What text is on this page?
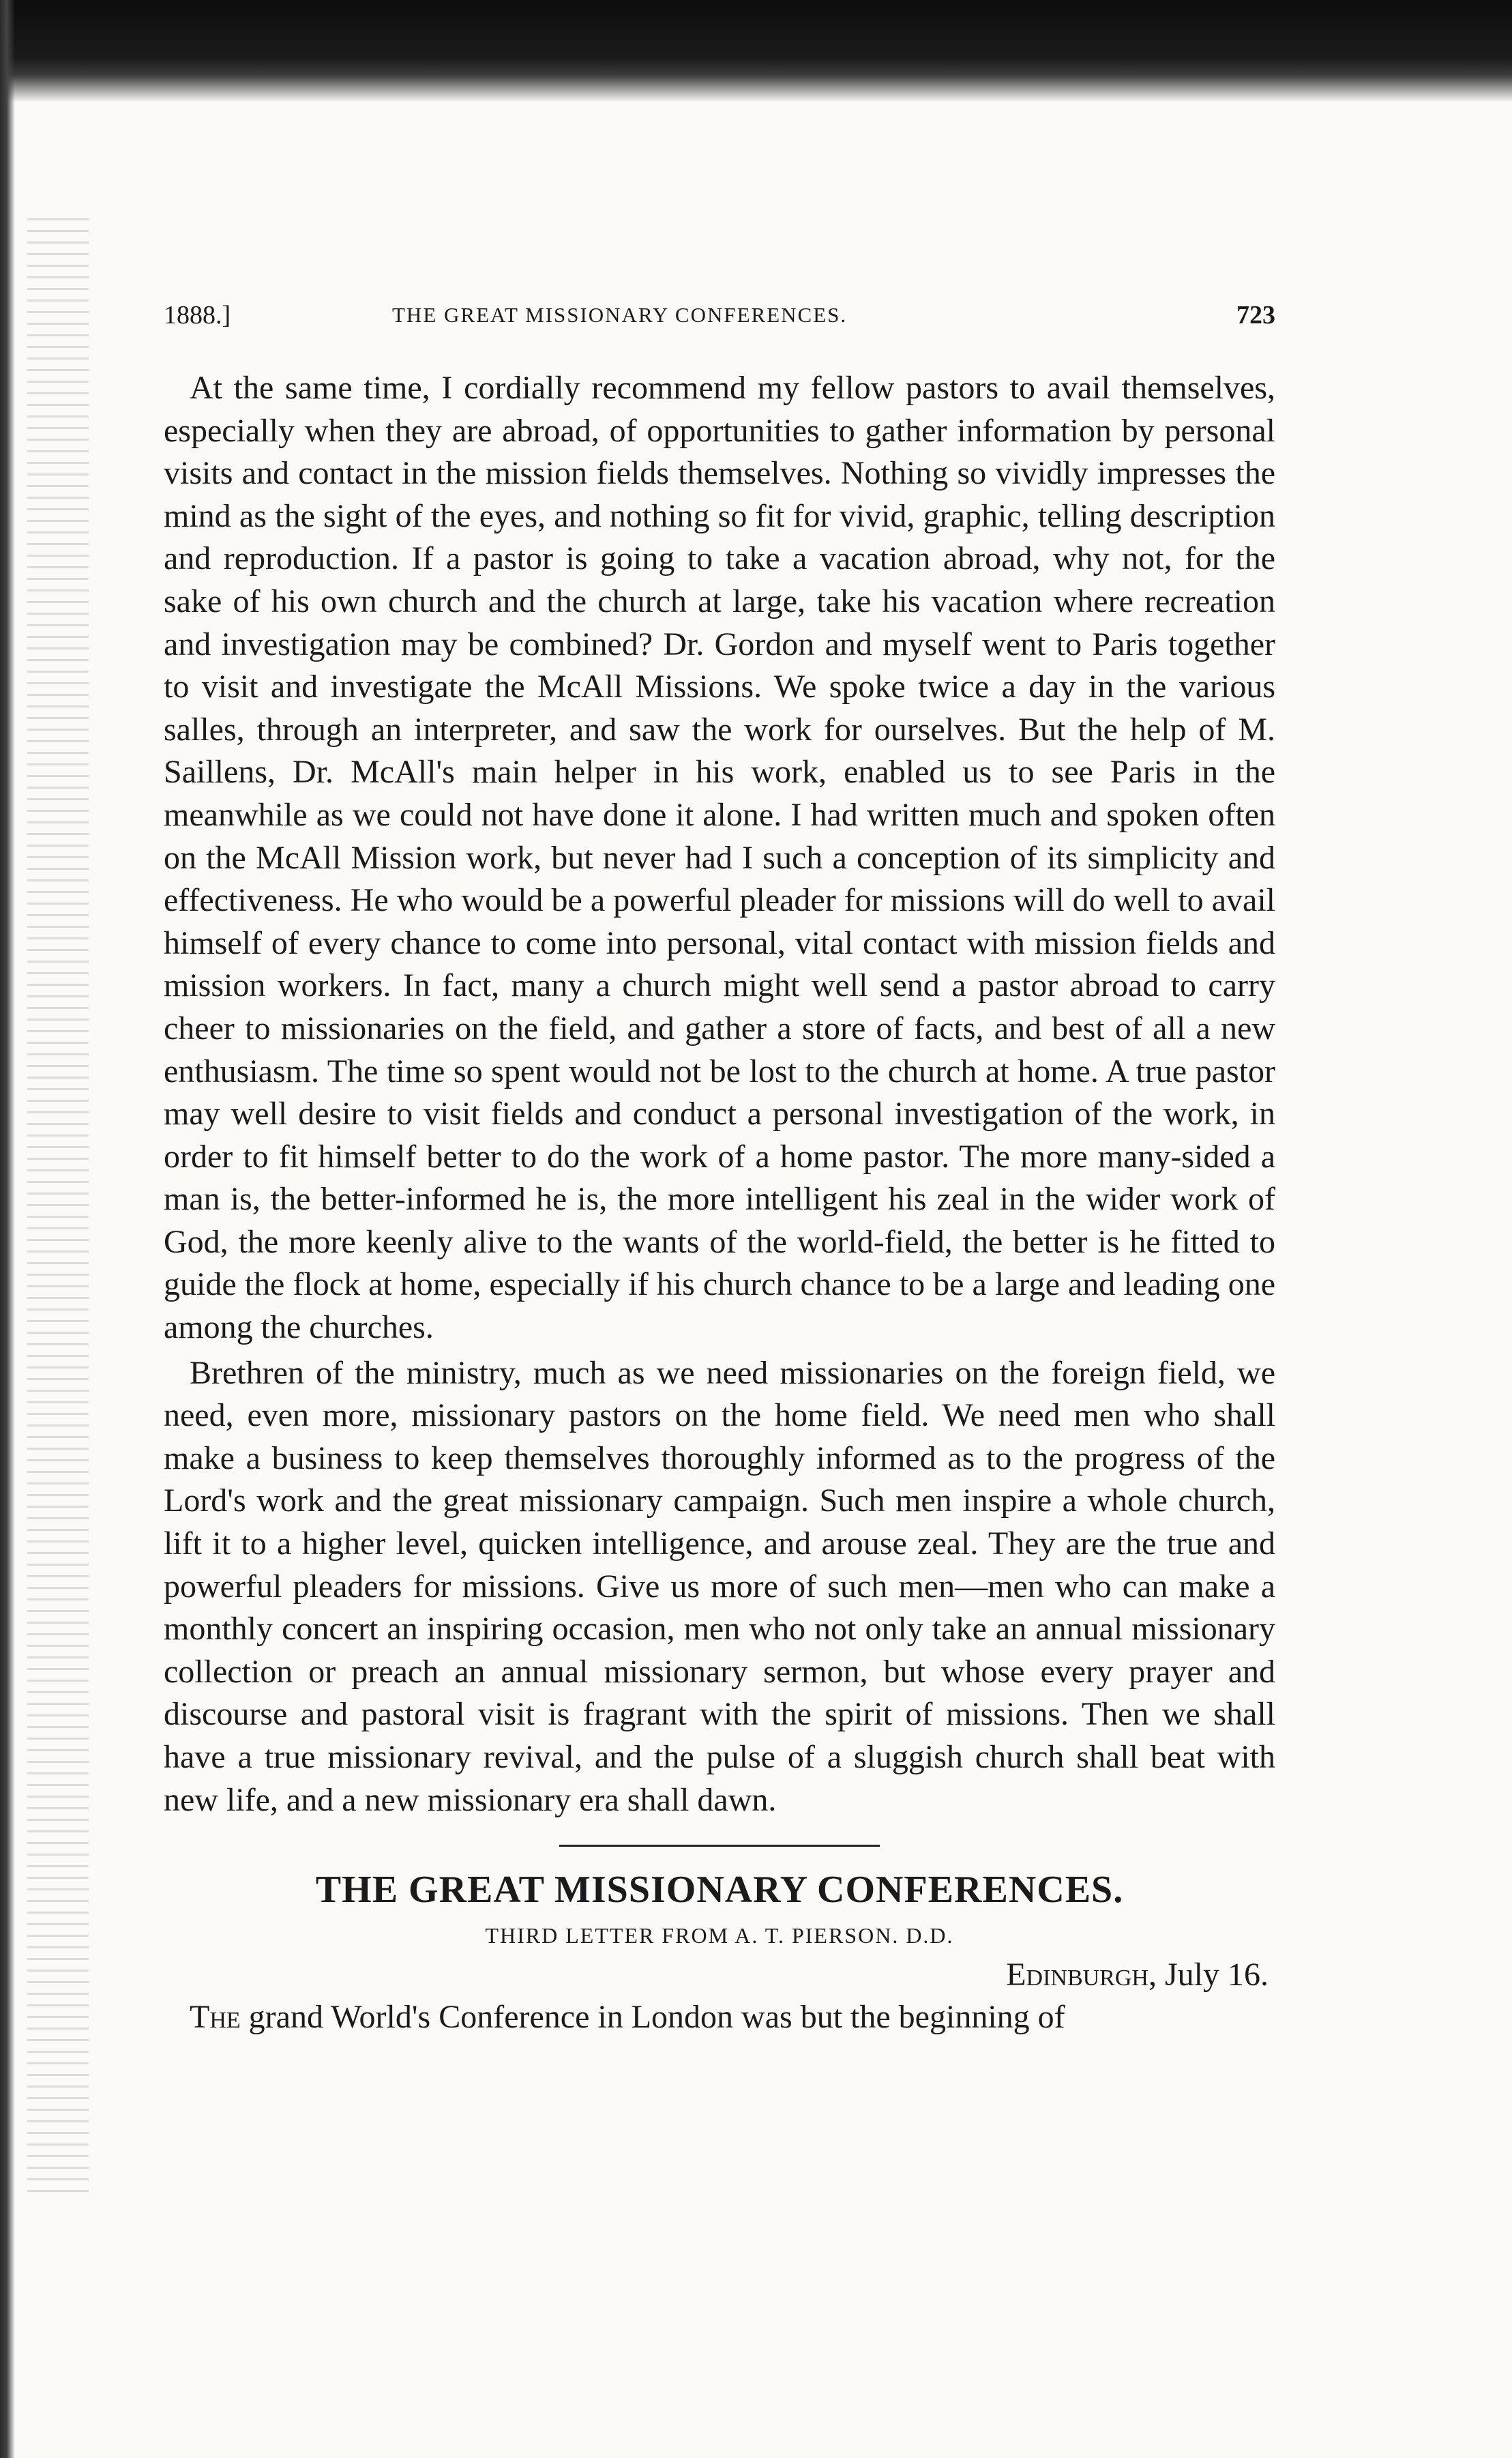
1888.]	THE GREAT MISSIONARY CONFERENCES.	723

At the same time, I cordially recommend my fellow pastors to avail themselves, especially when they are abroad, of opportunities to gather information by personal visits and contact in the mission fields themselves. Nothing so vividly impresses the mind as the sight of the eyes, and nothing so fit for vivid, graphic, telling description and reproduction. If a pastor is going to take a vacation abroad, why not, for the sake of his own church and the church at large, take his vacation where recreation and investigation may be combined? Dr. Gordon and myself went to Paris together to visit and investigate the McAll Missions. We spoke twice a day in the various salles, through an interpreter, and saw the work for ourselves. But the help of M. Saillens, Dr. McAll's main helper in his work, enabled us to see Paris in the meanwhile as we could not have done it alone. I had written much and spoken often on the McAll Mission work, but never had I such a conception of its simplicity and effectiveness. He who would be a powerful pleader for missions will do well to avail himself of every chance to come into personal, vital contact with mission fields and mission workers. In fact, many a church might well send a pastor abroad to carry cheer to missionaries on the field, and gather a store of facts, and best of all a new enthusiasm. The time so spent would not be lost to the church at home. A true pastor may well desire to visit fields and conduct a personal investigation of the work, in order to fit himself better to do the work of a home pastor. The more many-sided a man is, the better-informed he is, the more intelligent his zeal in the wider work of God, the more keenly alive to the wants of the world-field, the better is he fitted to guide the flock at home, especially if his church chance to be a large and leading one among the churches.

Brethren of the ministry, much as we need missionaries on the foreign field, we need, even more, missionary pastors on the home field. We need men who shall make a business to keep themselves thoroughly informed as to the progress of the Lord's work and the great missionary campaign. Such men inspire a whole church, lift it to a higher level, quicken intelligence, and arouse zeal. They are the true and powerful pleaders for missions. Give us more of such men—men who can make a monthly concert an inspiring occasion, men who not only take an annual missionary collection or preach an annual missionary sermon, but whose every prayer and discourse and pastoral visit is fragrant with the spirit of missions. Then we shall have a true missionary revival, and the pulse of a sluggish church shall beat with new life, and a new missionary era shall dawn.

THE GREAT MISSIONARY CONFERENCES.
THIRD LETTER FROM A. T. PIERSON. D.D.
Edinburgh, July 16.

The grand World's Conference in London was but the beginning of
